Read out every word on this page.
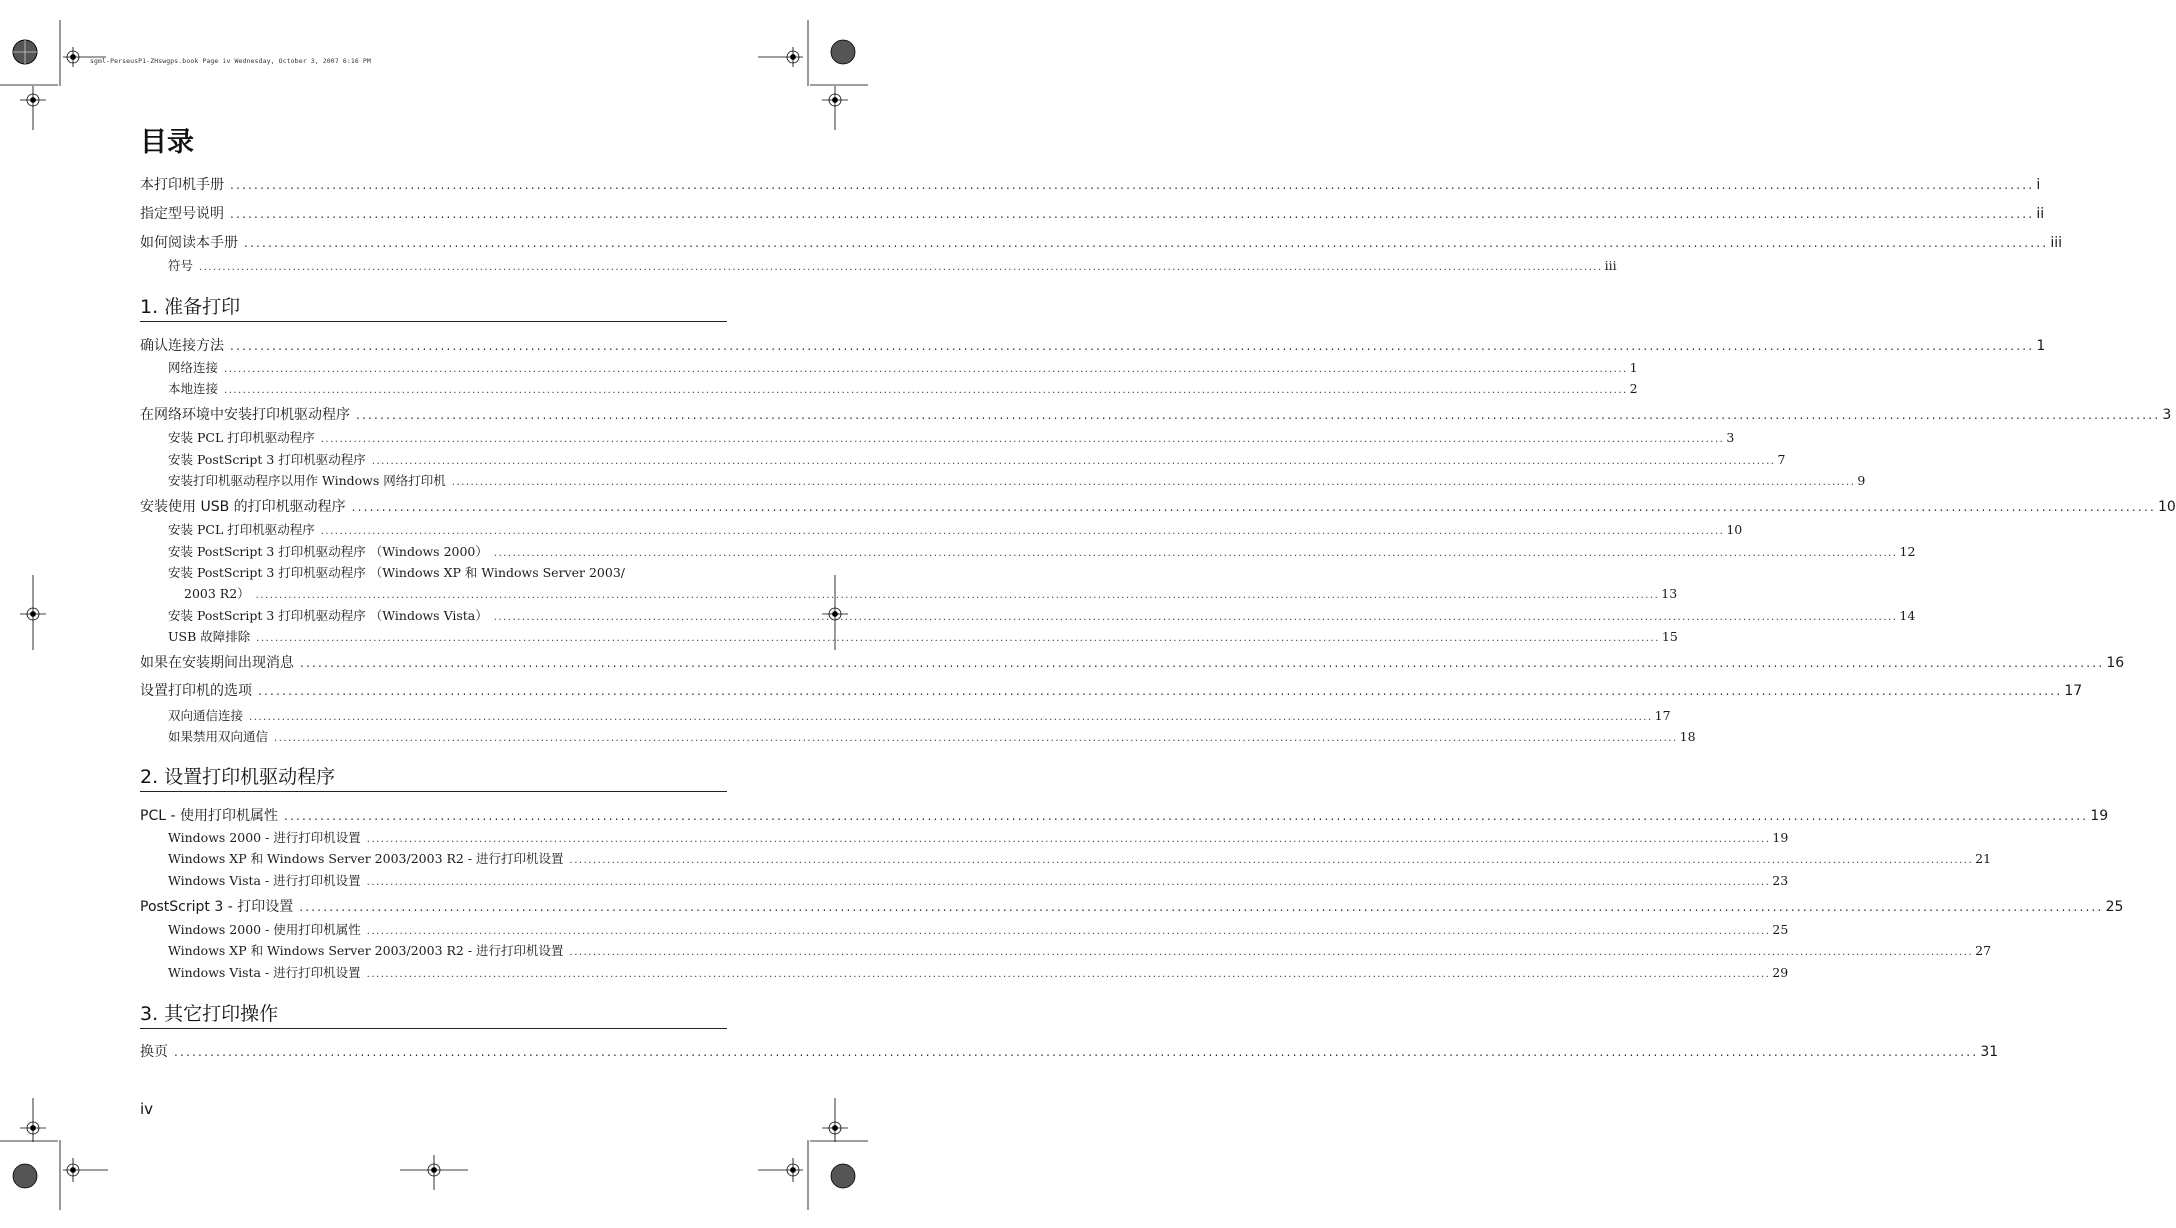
sgml-PerseusP1-ZHswgps.book Page iv Wednesday, October 3, 2007 6:16 PM
目录
本打印机手册 ............................................................................................................................................................................................................................................................................................................ i
指定型号说明 ............................................................................................................................................................................................................................................................................................................ ii
如何阅读本手册 ............................................................................................................................................................................................................................................................................................................ iii
符号 ............................................................................................................................................................................................................................................................................................................ iii
1. 准备打印
确认连接方法 ............................................................................................................................................................................................................................................................................................................ 1
网络连接 ............................................................................................................................................................................................................................................................................................................ 1
本地连接 ............................................................................................................................................................................................................................................................................................................ 2
在网络环境中安装打印机驱动程序 ............................................................................................................................................................................................................................................................................................................ 3
安装 PCL 打印机驱动程序 ............................................................................................................................................................................................................................................................................................................ 3
安装 PostScript 3 打印机驱动程序 ............................................................................................................................................................................................................................................................................................................ 7
安装打印机驱动程序以用作 Windows 网络打印机 ............................................................................................................................................................................................................................................................................................................ 9
安装使用 USB 的打印机驱动程序 ............................................................................................................................................................................................................................................................................................................ 10
安装 PCL 打印机驱动程序 ............................................................................................................................................................................................................................................................................................................ 10
安装 PostScript 3 打印机驱动程序 （Windows 2000） ............................................................................................................................................................................................................................................................................................................ 12
安装 PostScript 3 打印机驱动程序 （Windows XP 和 Windows Server 2003/
2003 R2） ............................................................................................................................................................................................................................................................................................................ 13
安装 PostScript 3 打印机驱动程序 （Windows Vista） ............................................................................................................................................................................................................................................................................................................ 14
USB 故障排除 ............................................................................................................................................................................................................................................................................................................ 15
如果在安装期间出现消息 ............................................................................................................................................................................................................................................................................................................ 16
设置打印机的选项 ............................................................................................................................................................................................................................................................................................................ 17
双向通信连接 ............................................................................................................................................................................................................................................................................................................ 17
如果禁用双向通信 ............................................................................................................................................................................................................................................................................................................ 18
2. 设置打印机驱动程序
PCL - 使用打印机属性 ............................................................................................................................................................................................................................................................................................................ 19
Windows 2000 - 进行打印机设置 ............................................................................................................................................................................................................................................................................................................ 19
Windows XP 和 Windows Server 2003/2003 R2 - 进行打印机设置 ............................................................................................................................................................................................................................................................................................................ 21
Windows Vista - 进行打印机设置 ............................................................................................................................................................................................................................................................................................................ 23
PostScript 3 - 打印设置 ............................................................................................................................................................................................................................................................................................................ 25
Windows 2000 - 使用打印机属性 ............................................................................................................................................................................................................................................................................................................ 25
Windows XP 和 Windows Server 2003/2003 R2 - 进行打印机设置 ............................................................................................................................................................................................................................................................................................................ 27
Windows Vista - 进行打印机设置 ............................................................................................................................................................................................................................................................................................................ 29
3. 其它打印操作
换页 ............................................................................................................................................................................................................................................................................................................ 31
iv
